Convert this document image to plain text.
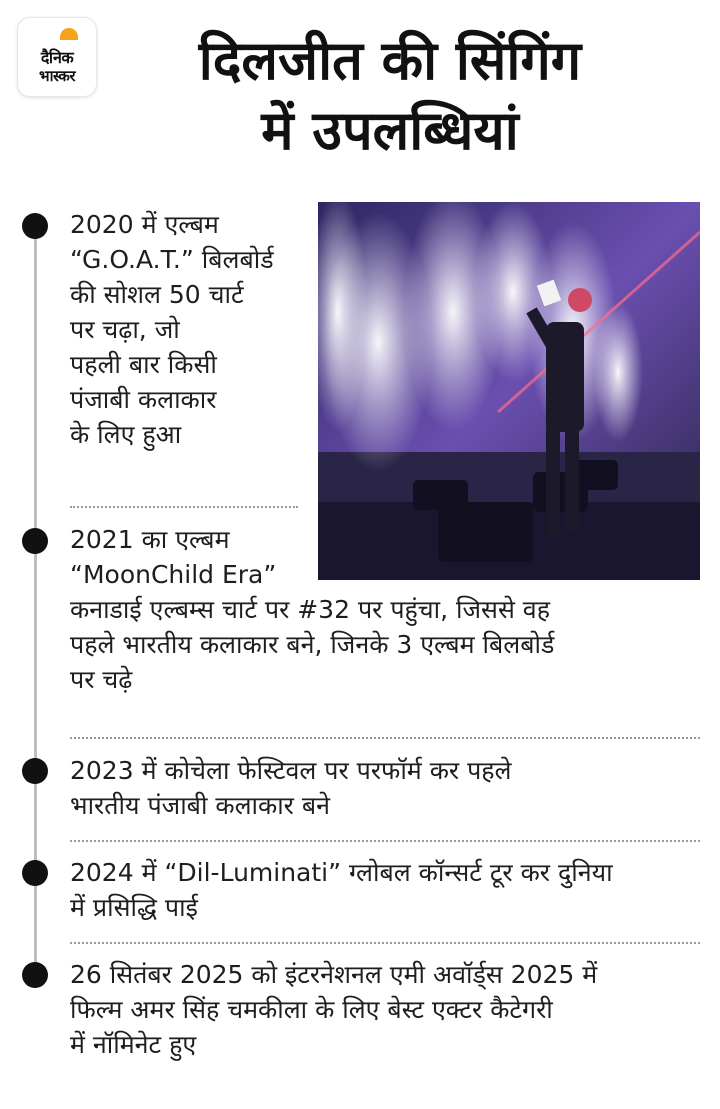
दैनिक
भास्कर	दिलजीत की सिंगिंग
में उपलब्धियां
2020 में एल्बम
“G.O.A.T.” बिलबोर्ड
की सोशल 50 चार्ट
पर चढ़ा, जो
पहली बार किसी
पंजाबी कलाकार
के लिए हुआ
2021 का एल्बम
“MoonChild Era”
कनाडाई एल्बम्स चार्ट पर #32 पर पहुंचा, जिससे वह
पहले भारतीय कलाकार बने, जिनके 3 एल्बम बिलबोर्ड
पर चढ़े
2023 में कोचेला फेस्टिवल पर परफॉर्म कर पहले
भारतीय पंजाबी कलाकार बने
2024 में “Dil-Luminati” ग्लोबल कॉन्सर्ट टूर कर दुनिया
में प्रसिद्धि पाई
26 सितंबर 2025 को इंटरनेशनल एमी अवॉर्ड्स 2025 में
फिल्म अमर सिंह चमकीला के लिए बेस्ट एक्टर कैटेगरी
में नॉमिनेट हुए
